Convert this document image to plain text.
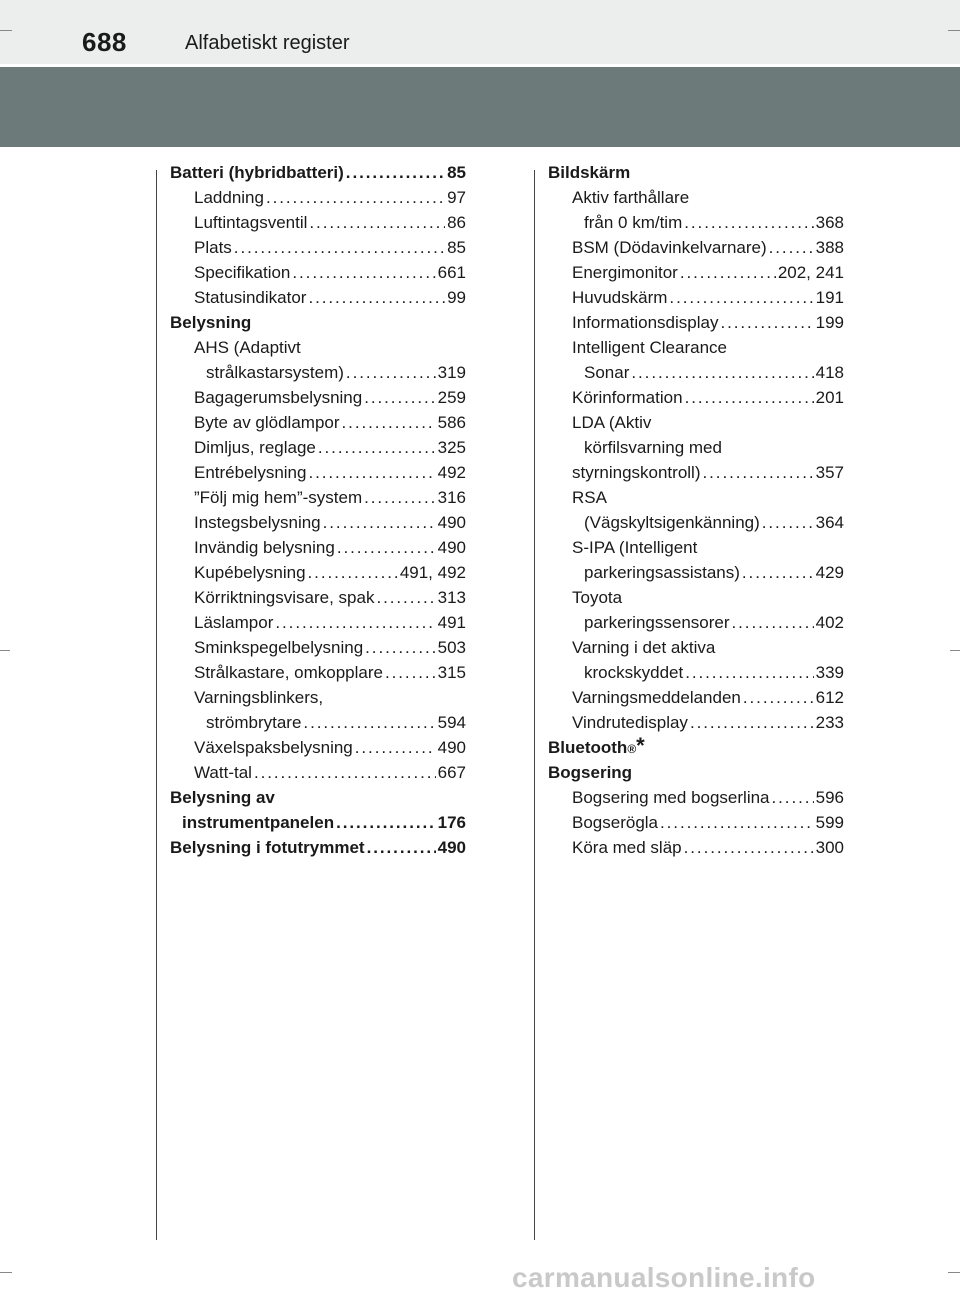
688	Alfabetiskt register
Batteri (hybridbatteri) . . .	85
Laddning . . .	97
Luftintagsventil . . .	86
Plats . . .	85
Specifikation . . .	661
Statusindikator . . .	99
Belysning
AHS (Adaptivt
strålkastarsystem) . . .	319
Bagagerumsbelysning . . .	259
Byte av glödlampor . . .	586
Dimljus, reglage . . .	325
Entrébelysning . . .	492
”Följ mig hem”-system . . .	316
Instegsbelysning . . .	490
Invändig belysning . . .	490
Kupébelysning . . .	491, 492
Körriktningsvisare, spak . . .	313
Läslampor . . .	491
Sminkspegelbelysning . . .	503
Strålkastare, omkopplare . . .	315
Varningsblinkers,
strömbrytare . . .	594
Växelspaksbelysning . . .	490
Watt-tal . . .	667
Belysning av
instrumentpanelen . . .	176
Belysning i fotutrymmet . . .	490
Bildskärm
Aktiv farthållare
från 0 km/tim . . .	368
BSM (Dödavinkelvarnare) . . .	388
Energimonitor . . .	202, 241
Huvudskärm . . .	191
Informationsdisplay . . .	199
Intelligent Clearance
Sonar . . .	418
Körinformation . . .	201
LDA (Aktiv
körfilsvarning med
styrningskontroll) . . .	357
RSA
(Vägskyltsigenkänning) . . .	364
S-IPA (Intelligent
parkeringsassistans) . . .	429
Toyota
parkeringssensorer . . .	402
Varning i det aktiva
krockskyddet . . .	339
Varningsmeddelanden . . .	612
Vindrutedisplay . . .	233
Bluetooth ® *
Bogsering
Bogsering med bogserlina . . .	596
Bogserögla . . .	599
Köra med släp . . .	300
carmanualsonline.info
